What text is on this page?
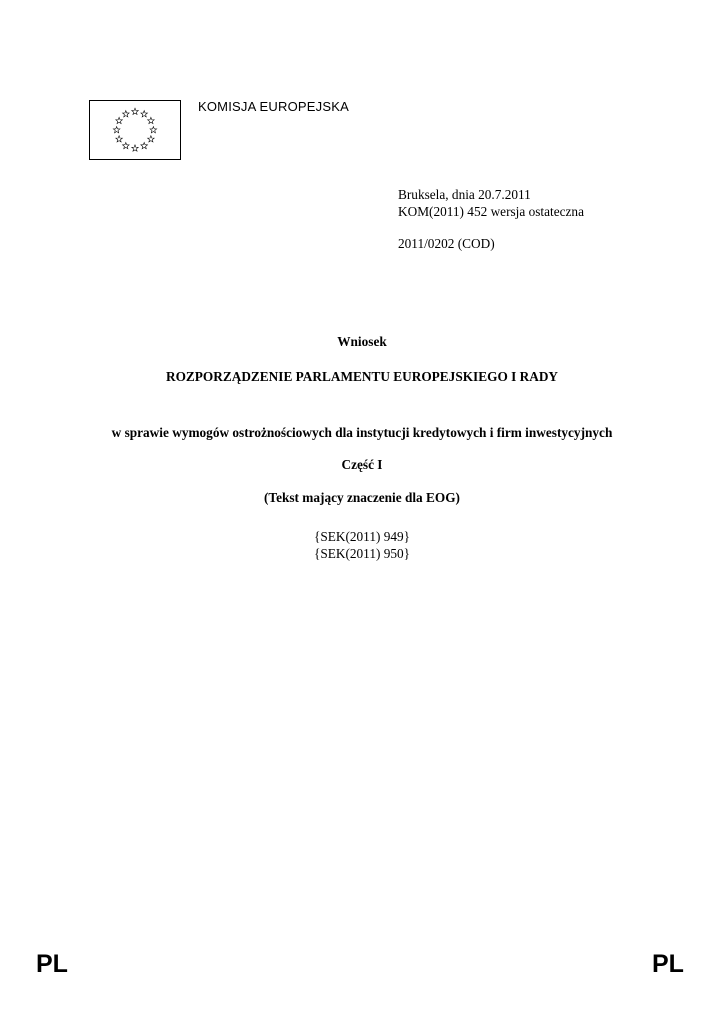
KOMISJA EUROPEJSKA
Bruksela, dnia 20.7.2011
KOM(2011) 452 wersja ostateczna
2011/0202 (COD)
Wniosek
ROZPORZĄDZENIE PARLAMENTU EUROPEJSKIEGO I RADY
w sprawie wymogów ostrożnościowych dla instytucji kredytowych i firm inwestycyjnych
Część I
(Tekst mający znaczenie dla EOG)
{SEK(2011) 949}
{SEK(2011) 950}
PL	PL
